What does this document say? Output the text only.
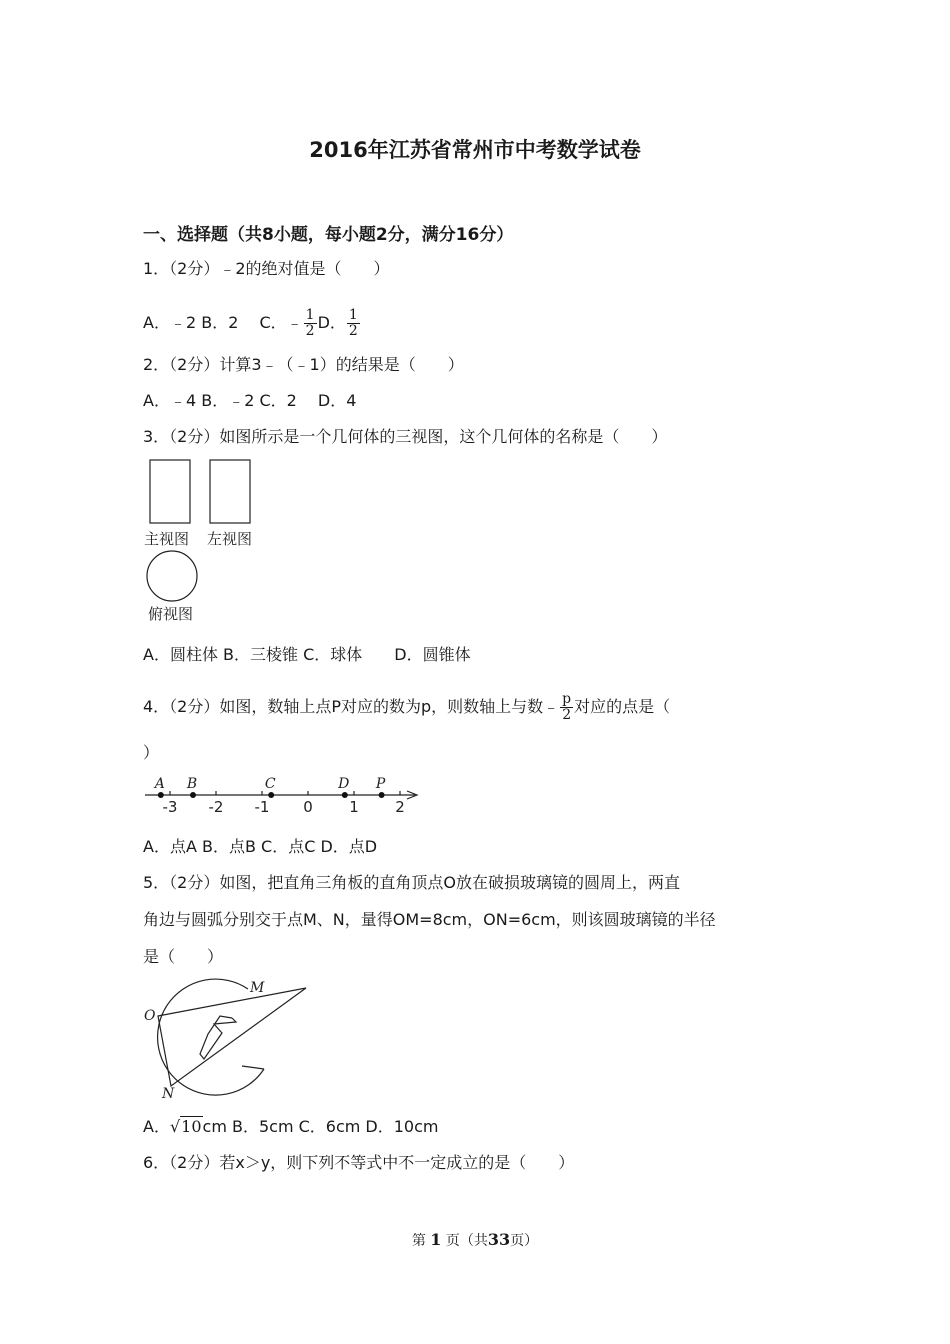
2016年江苏省常州市中考数学试卷
一、选择题（共8小题，每小题2分，满分16分）
1．（2分）﹣2的绝对值是（　　）
A．﹣2 B．2　 C．﹣ $\frac{1}{2}$ D． $\frac{1}{2}$
2．（2分）计算3﹣（﹣1）的结果是（　　）
A．﹣4 B．﹣2 C．2　 D．4
3．（2分）如图所示是一个几何体的三视图，这个几何体的名称是（　　）
主视图 左视图
俯视图
A．圆柱体 B．三棱锥 C．球体　　D．圆锥体
4．（2分）如图，数轴上点P对应的数为p，则数轴上与数﹣ $\frac{p}{2}$ 对应的点是（
）
-3 -2 -1 0 1 2
A B	C	D P
A．点A B．点B C．点C D．点D
5．（2分）如图，把直角三角板的直角顶点O放在破损玻璃镜的圆周上，两直
角边与圆弧分别交于点M、N，量得OM=8cm，ON=6cm，则该圆玻璃镜的半径
是（　　）
O
M
N
A．√10cm B．5cm C．6cm D．10cm
6．（2分）若x＞y，则下列不等式中不一定成立的是（　　）
第 1 页（共33页）
